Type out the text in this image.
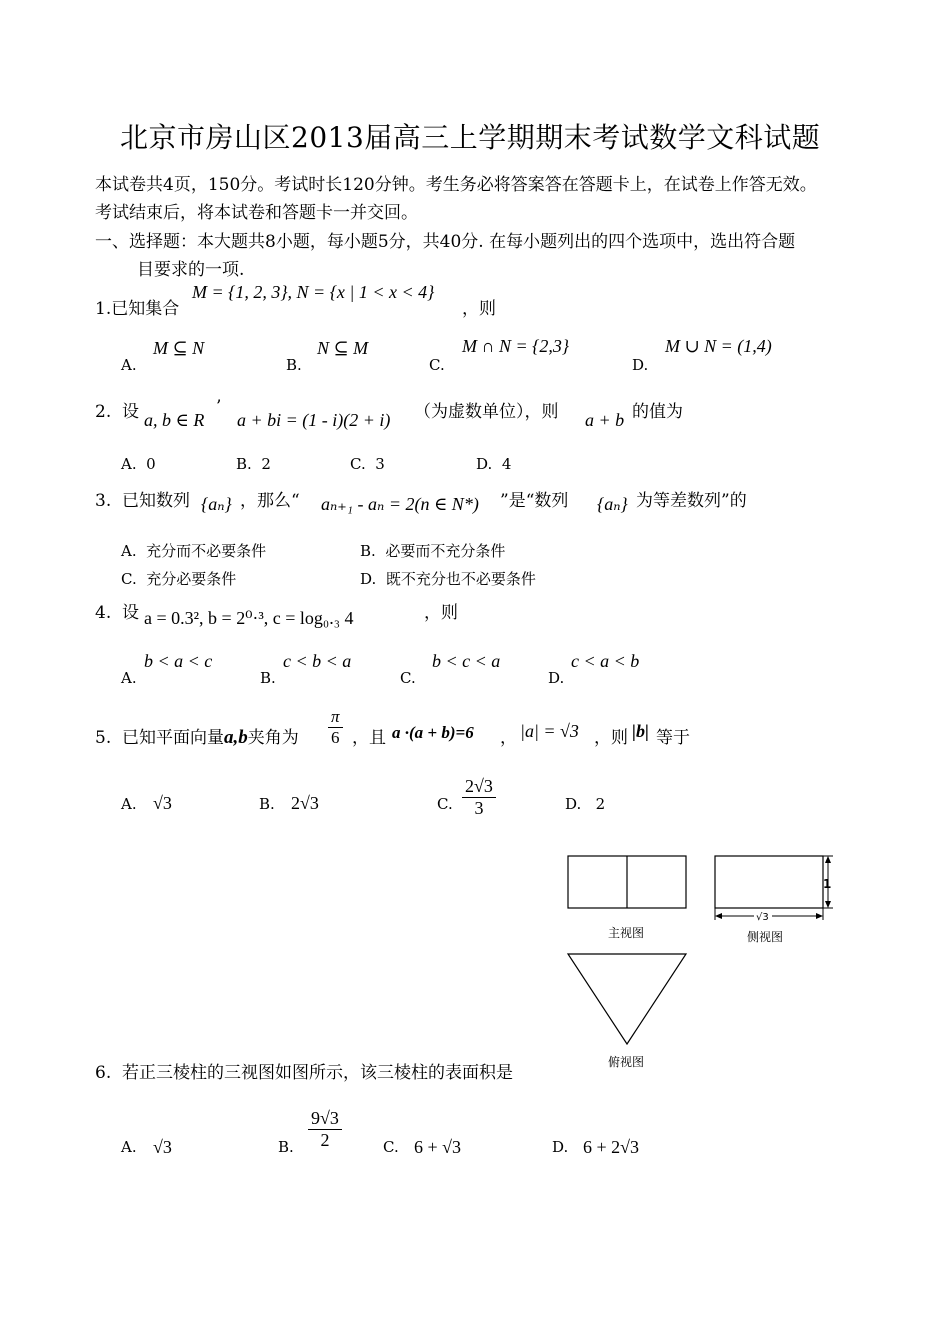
北京市房山区2013届高三上学期期末考试数学文科试题
本试卷共4页，150分。考试时长120分钟。考生务必将答案答在答题卡上，在试卷上作答无效。
考试结束后，将本试卷和答题卡一并交回。
一、选择题：本大题共8小题，每小题5分，共40分. 在每小题列出的四个选项中，选出符合题
目要求的一项.
1.已知集合
M = {1, 2, 3}, N = {x | 1 < x < 4}
，则
A.
M ⊆ N
B.
N ⊆ M
C.
M ∩ N = {2,3}
D.
M ∪ N = (1,4)
2. 设 a, b ∈ R
’
a + bi = (1 - i)(2 + i) （为虚数单位），则 a + b 的值为
A. 0	B. 2	C. 3	D. 4
3. 已知数列 {aₙ} ，那么“ aₙ₊₁ - aₙ = 2(n ∈ N*) ”是“数列 {aₙ} 为等差数列”的
A. 充分而不必要条件	B. 必要而不充分条件
C. 充分必要条件	D. 既不充分也不必要条件
4. 设 a = 0.3², b = 2⁰·³, c = log₀.₃ 4	，则
A.
b < a < c
B.
c < b < a
C.
b < c < a
D.
c < a < b
5. 已知平面向量a,b夹角为 $\frac{\pi}{6}$ ，且 a ·(a + b)=6 ， |a| = √3 ，则 |b| 等于
A. √3	B. 2√3	C. $\frac{2√3}{3}$	D. 2
主视图
1
√3
侧视图
俯视图
6. 若正三棱柱的三视图如图所示，该三棱柱的表面积是
A. √3	B. $\frac{9√3}{2}$	C. 6 + √3	D. 6 + 2√3
